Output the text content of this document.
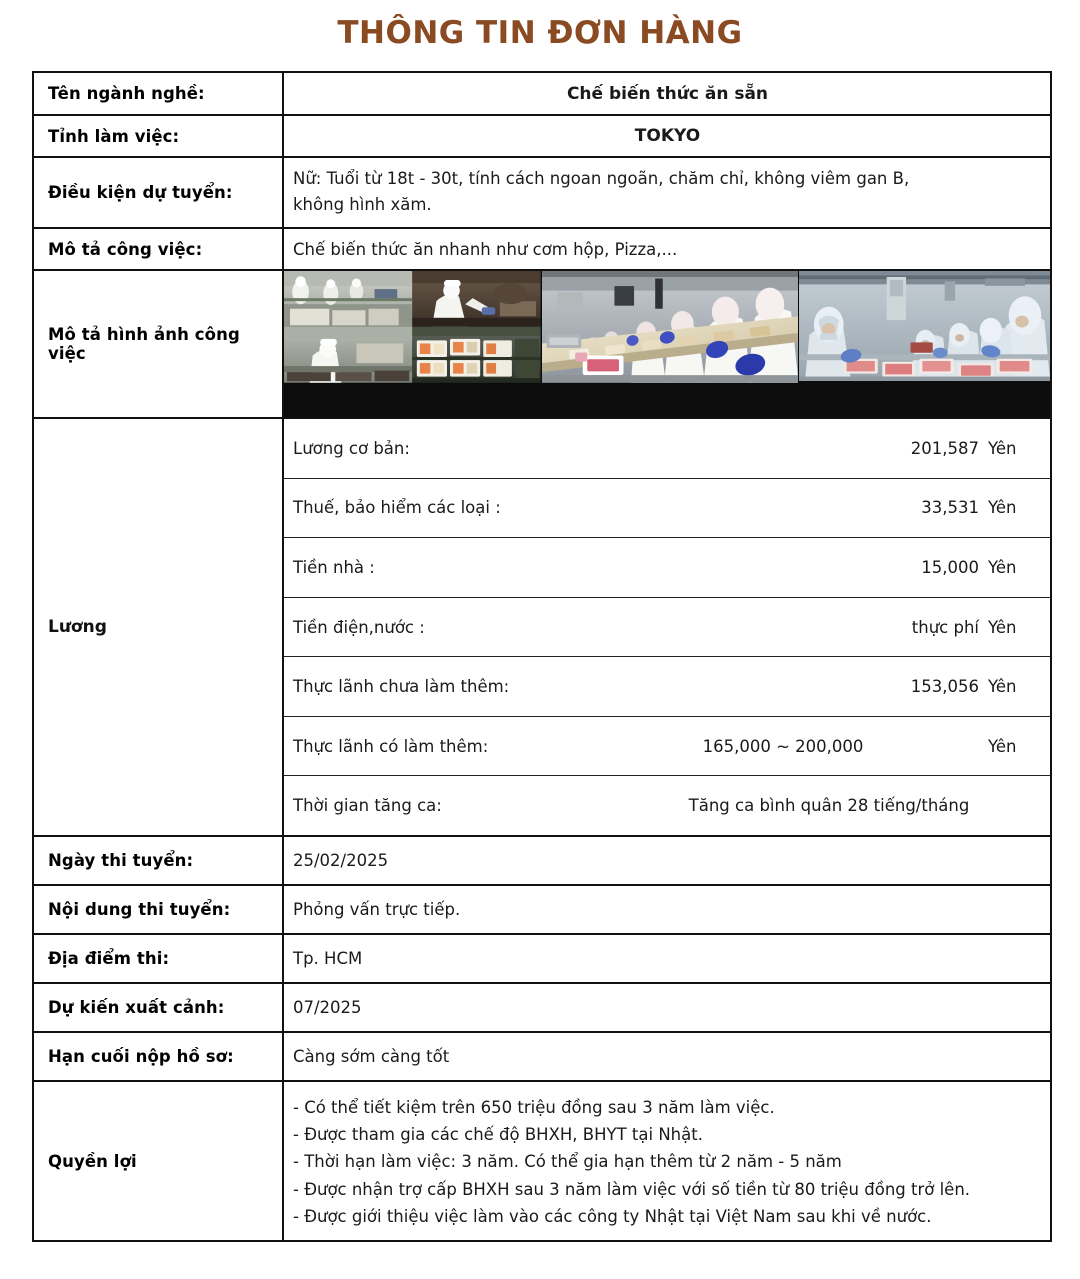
THÔNG TIN ĐƠN HÀNG
Tên ngành nghề:	Chế biến thức ăn sẵn
Tỉnh làm việc:	TOKYO
Điều kiện dự tuyển:
Nữ: Tuổi từ 18t - 30t, tính cách ngoan ngoãn, chăm chỉ, không viêm gan B,
không hình xăm.
Mô tả công việc:	Chế biến thức ăn nhanh như cơm hộp, Pizza,...
Mô tả hình ảnh công việc
Lương
Lương cơ bản:	201,587 Yên
Thuế, bảo hiểm các loại :	33,531 Yên
Tiền nhà :	15,000 Yên
Tiền điện,nước :	thực phí Yên
Thực lãnh chưa làm thêm:	153,056 Yên
Thực lãnh có làm thêm:	165,000 ~ 200,000	Yên
Thời gian tăng ca:	Tăng ca bình quân 28 tiếng/tháng
Ngày thi tuyển:	25/02/2025
Nội dung thi tuyển:	Phỏng vấn trực tiếp.
Địa điểm thi:	Tp. HCM
Dự kiến xuất cảnh:	07/2025
Hạn cuối nộp hồ sơ:	Càng sớm càng tốt
Quyền lợi
- Có thể tiết kiệm trên 650 triệu đồng sau 3 năm làm việc.
- Được tham gia các chế độ BHXH, BHYT tại Nhật.
- Thời hạn làm việc: 3 năm. Có thể gia hạn thêm từ 2 năm - 5 năm
- Được nhận trợ cấp BHXH sau 3 năm làm việc với số tiền từ 80 triệu đồng trở lên.
- Được giới thiệu việc làm vào các công ty Nhật tại Việt Nam sau khi về nước.
